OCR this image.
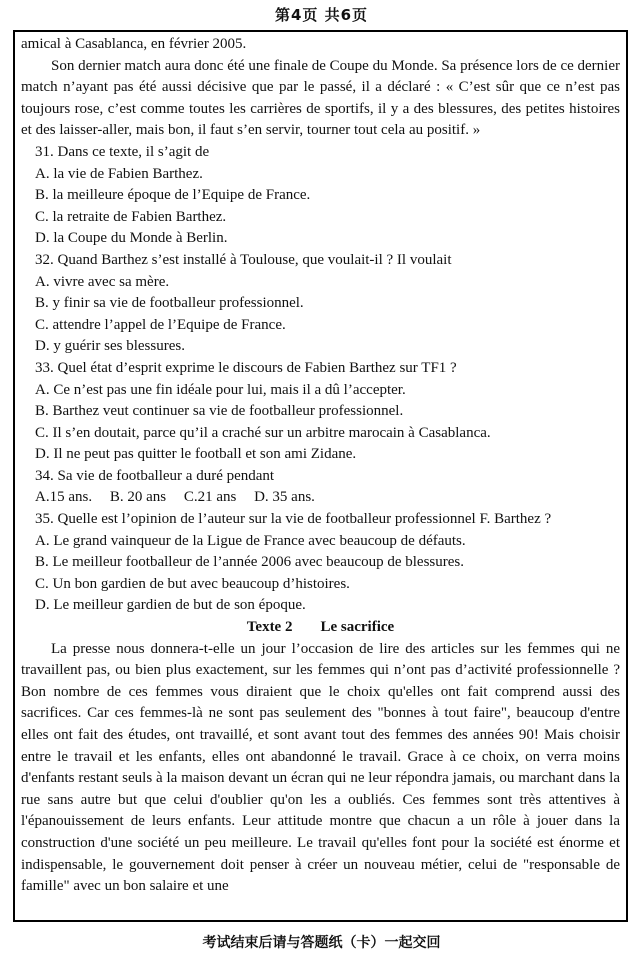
第4页 共6页

amical à Casablanca, en février 2005.

Son dernier match aura donc été une finale de Coupe du Monde. Sa présence lors de ce dernier match n’ayant pas été aussi décisive que par le passé, il a déclaré : « C’est sûr que ce n’est pas toujours rose, c’est comme toutes les carrières de sportifs, il y a des blessures, des petites histoires et des laisser-aller, mais bon, il faut s’en servir, tourner tout cela au positif. »

31. Dans ce texte, il s’agit de

A. la vie de Fabien Barthez.

B. la meilleure époque de l’Equipe de France.

C. la retraite de Fabien Barthez.

D. la Coupe du Monde à Berlin.

32. Quand Barthez s’est installé à Toulouse, que voulait-il ? Il voulait

A. vivre avec sa mère.

B. y finir sa vie de footballeur professionnel.

C. attendre l’appel de l’Equipe de France.

D. y guérir ses blessures.

33. Quel état d’esprit exprime le discours de Fabien Barthez sur TF1 ?

A. Ce n’est pas une fin idéale pour lui, mais il a dû l’accepter.

B. Barthez veut continuer sa vie de footballeur professionnel.

C. Il s’en doutait, parce qu’il a craché sur un arbitre marocain à Casablanca.

D. Il ne peut pas quitter le football et son ami Zidane.

34. Sa vie de footballeur a duré pendant

A.15 ans. B. 20 ans C.21 ans D. 35 ans.

35. Quelle est l’opinion de l’auteur sur la vie de footballeur professionnel F. Barthez ?

A. Le grand vainqueur de la Ligue de France avec beaucoup de défauts.

B. Le meilleur footballeur de l’année 2006 avec beaucoup de blessures.

C. Un bon gardien de but avec beaucoup d’histoires.

D. Le meilleur gardien de but de son époque.

Texte 2 Le sacrifice

La presse nous donnera-t-elle un jour l’occasion de lire des articles sur les femmes qui ne travaillent pas, ou bien plus exactement, sur les femmes qui n’ont pas d’activité professionnelle ? Bon nombre de ces femmes vous diraient que le choix qu'elles ont fait comprend aussi des sacrifices. Car ces femmes-là ne sont pas seulement des "bonnes à tout faire", beaucoup d'entre elles ont fait des études, ont travaillé, et sont avant tout des femmes des années 90! Mais choisir entre le travail et les enfants, elles ont abandonné le travail. Grace à ce choix, on verra moins d'enfants restant seuls à la maison devant un écran qui ne leur répondra jamais, ou marchant dans la rue sans autre but que celui d'oublier qu'on les a oubliés. Ces femmes sont très attentives à l'épanouissement de leurs enfants. Leur attitude montre que chacun a un rôle à jouer dans la construction d'une société un peu meilleure. Le travail qu'elles font pour la société est énorme et indispensable, le gouvernement doit penser à créer un nouveau métier, celui de "responsable de famille" avec un bon salaire et une

考试结束后请与答题纸（卡）一起交回
